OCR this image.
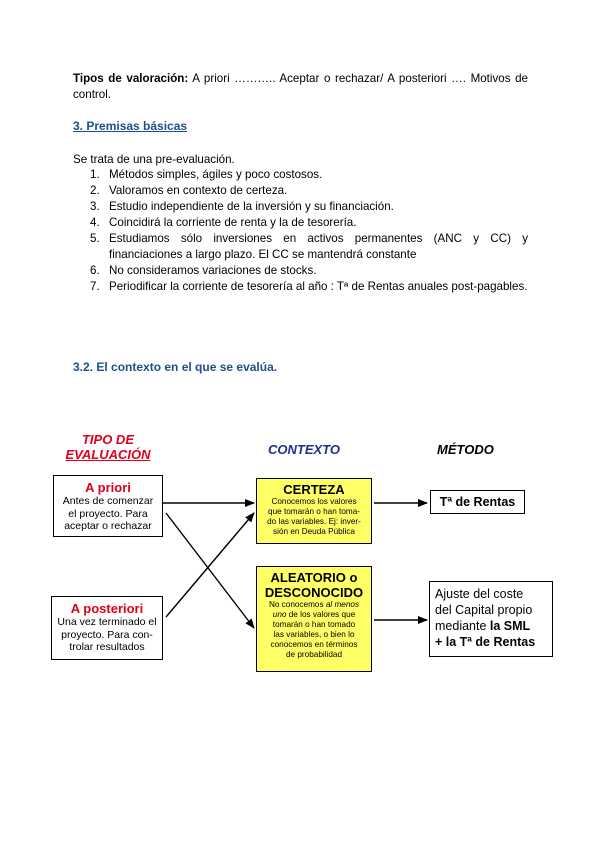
Tipos de valoración: A priori ……….. Aceptar o rechazar/ A posteriori …. Motivos de control.
3. Premisas básicas
Se trata de una pre-evaluación.
1. Métodos simples, ágiles y poco costosos.
2. Valoramos en contexto de certeza.
3. Estudio independiente de la inversión y su financiación.
4. Coincidirá la corriente de renta y la de tesorería.
5. Estudiamos sólo inversiones en activos permanentes (ANC y CC) y financiaciones a largo plazo. El CC se mantendrá constante
6. No consideramos variaciones de stocks.
7. Periodificar la corriente de tesorería al año : Tª de Rentas anuales post-pagables.
3.2. El contexto en el que se evalúa.
TIPO DE
EVALUACIÓN	CONTEXTO	MÉTODO
A priori
Antes de comenzar
el proyecto. Para
aceptar o rechazar
A posteriori
Una vez terminado el
proyecto. Para con-
trolar resultados
CERTEZA
Conocemos los valores
que tomarán o han toma-
do las variables. Ej: inver-
sión en Deuda Pública
ALEATORIO o
DESCONOCIDO
No conocemos al menos
uno de los valores que
tomarán o han tomado
las variables, o bien lo
conocemos en términos
de probabilidad
Tª de Rentas
Ajuste del coste
del Capital propio
mediante la SML
+ la Tª de Rentas
